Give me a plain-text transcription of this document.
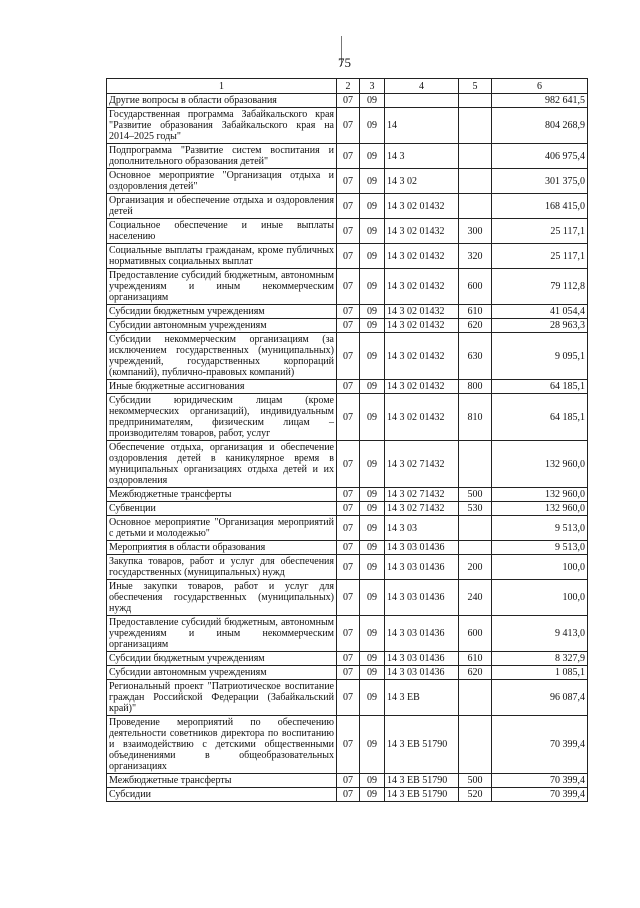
75
1	2	3	4	5	6
Другие вопросы в области образования	07	09			982 641,5
Государственная программа Забайкальского края "Развитие образования Забайкальского края на 2014–2025 годы"	07	09	14		804 268,9
Подпрограмма "Развитие систем воспитания и дополнительного образования детей"	07	09	14 3		406 975,4
Основное мероприятие "Организация отдыха и оздоровления детей"	07	09	14 3 02		301 375,0
Организация и обеспечение отдыха и оздоровления детей	07	09	14 3 02 01432		168 415,0
Социальное обеспечение и иные выплаты населению	07	09	14 3 02 01432	300	25 117,1
Социальные выплаты гражданам, кроме публичных нормативных социальных выплат	07	09	14 3 02 01432	320	25 117,1
Предоставление субсидий бюджетным, автономным учреждениям и иным некоммерческим организациям	07	09	14 3 02 01432	600	79 112,8
Субсидии бюджетным учреждениям	07	09	14 3 02 01432	610	41 054,4
Субсидии автономным учреждениям	07	09	14 3 02 01432	620	28 963,3
Субсидии некоммерческим организациям (за исключением государственных (муниципальных) учреждений, государственных корпораций (компаний), публично-правовых компаний)	07	09	14 3 02 01432	630	9 095,1
Иные бюджетные ассигнования	07	09	14 3 02 01432	800	64 185,1
Субсидии юридическим лицам (кроме некоммерческих организаций), индивидуальным предпринимателям, физическим лицам – производителям товаров, работ, услуг	07	09	14 3 02 01432	810	64 185,1
Обеспечение отдыха, организация и обеспечение оздоровления детей в каникулярное время в муниципальных организациях отдыха детей и их оздоровления	07	09	14 3 02 71432		132 960,0
Межбюджетные трансферты	07	09	14 3 02 71432	500	132 960,0
Субвенции	07	09	14 3 02 71432	530	132 960,0
Основное мероприятие "Организация мероприятий с детьми и молодежью"	07	09	14 3 03		9 513,0
Мероприятия в области образования	07	09	14 3 03 01436		9 513,0
Закупка товаров, работ и услуг для обеспечения государственных (муниципальных) нужд	07	09	14 3 03 01436	200	100,0
Иные закупки товаров, работ и услуг для обеспечения государственных (муниципальных) нужд	07	09	14 3 03 01436	240	100,0
Предоставление субсидий бюджетным, автономным учреждениям и иным некоммерческим организациям	07	09	14 3 03 01436	600	9 413,0
Субсидии бюджетным учреждениям	07	09	14 3 03 01436	610	8 327,9
Субсидии автономным учреждениям	07	09	14 3 03 01436	620	1 085,1
Региональный проект "Патриотическое воспитание граждан Российской Федерации (Забайкальский край)"	07	09	14 3 EB		96 087,4
Проведение мероприятий по обеспечению деятельности советников директора по воспитанию и взаимодействию с детскими общественными объединениями в общеобразовательных организациях	07	09	14 3 EB 51790		70 399,4
Межбюджетные трансферты	07	09	14 3 EB 51790	500	70 399,4
Субсидии	07	09	14 3 EB 51790	520	70 399,4
